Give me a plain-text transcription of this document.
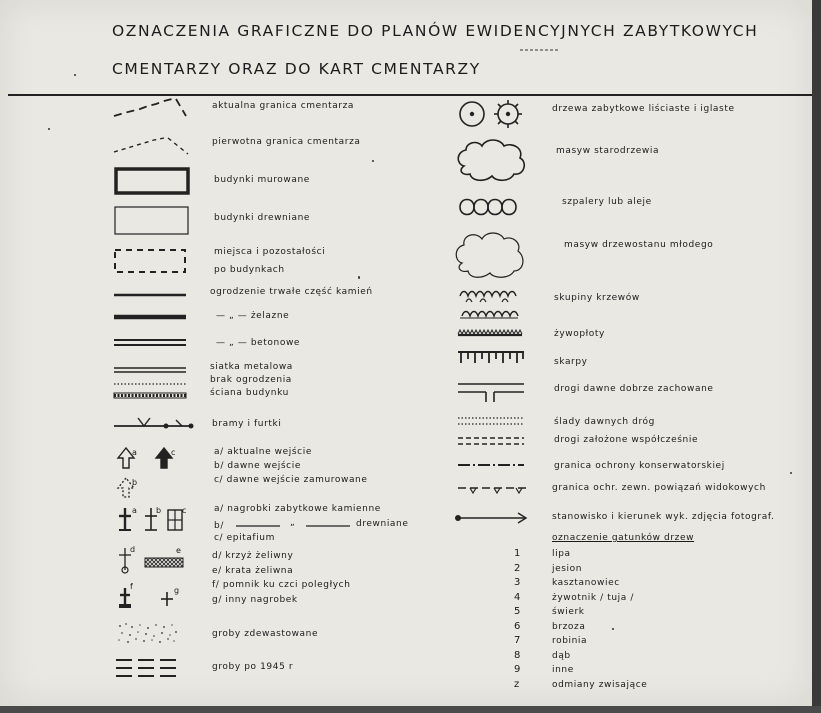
OZNACZENIA GRAFICZNE DO PLANÓW EWIDENCYJNYCH ZABYTKOWYCH
CMENTARZY ORAZ DO KART CMENTARZY
aktualna granica cmentarza
pierwotna granica cmentarza
budynki murowane
budynki drewniane
miejsca i pozostałości
po budynkach
ogrodzenie trwałe część kamień
— „ — żelazne
— „ — betonowe
siatka metalowa
brak ogrodzenia
ściana budynku
bramy i furtki
a	c
b
a/ aktualne wejście
b/ dawne wejście
c/ dawne wejście zamurowane
a b	c	a/ nagrobki zabytkowe kamienne
b/	„	drewniane
c/ epitafium
d	e
d/ krzyż żeliwny
e/ krata żeliwna
f	g
f/ pomnik ku czci poległych
g/ inny nagrobek
groby zdewastowane
groby po 1945 r
drzewa zabytkowe liściaste i iglaste
masyw starodrzewia
szpalery lub aleje
masyw drzewostanu młodego
skupiny krzewów
żywopłoty
skarpy
drogi dawne dobrze zachowane
ślady dawnych dróg
drogi założone współcześnie
granica ochrony konserwatorskiej
granica ochr. zewn. powiązań widokowych
stanowisko i kierunek wyk. zdjęcia fotograf.
oznaczenie gatunków drzew
1	lipa
2	jesion
3	kasztanowiec
4	żywotnik / tuja /
5	świerk
6	brzoza
7	robinia
8	dąb
9	inne
z	odmiany zwisające
